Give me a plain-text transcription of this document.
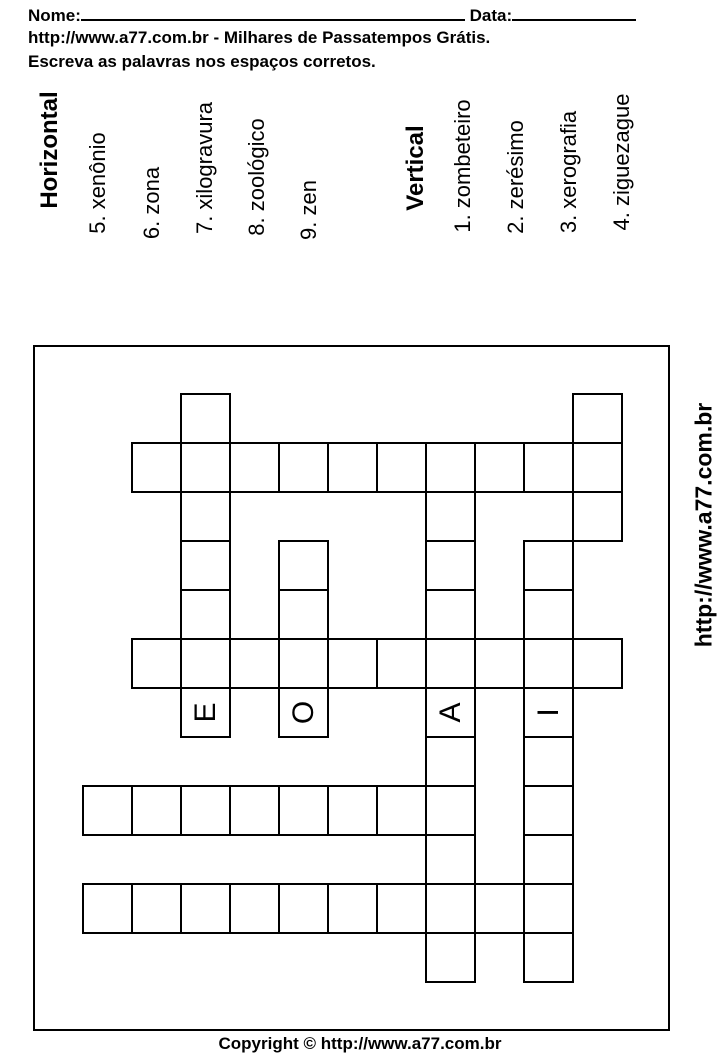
Nome:	Data:
http://www.a77.com.br - Milhares de Passatempos Grátis.
Escreva as palavras nos espaços corretos.
Horizontal 5. xenônio 6. zona 7. xilogravura 8. zoológico 9. zen	Vertical 1. zombeteiro 2. zerésimo 3. xerografia 4. ziguezague
http://www.a77.com.br
E O	A I
Copyright © http://www.a77.com.br
